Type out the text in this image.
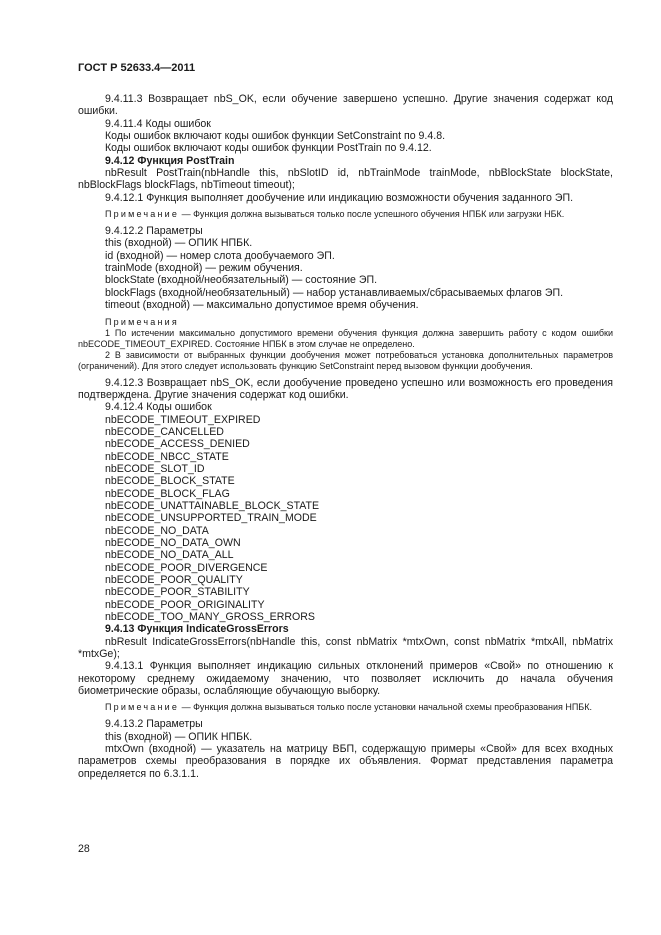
ГОСТ Р 52633.4—2011

9.4.11.3 Возвращает nbS_OK, если обучение завершено успешно. Другие значения содержат код ошибки.

9.4.11.4 Коды ошибок

Коды ошибок включают коды ошибок функции SetConstraint по 9.4.8.

Коды ошибок включают коды ошибок функции PostTrain по 9.4.12.

9.4.12 Функция PostTrain

nbResult PostTrain(nbHandle this, nbSlotID id, nbTrainMode trainMode, nbBlockState blockState, nbBlockFlags blockFlags, nbTimeout timeout);

9.4.12.1 Функция выполняет дообучение или индикацию возможности обучения заданного ЭП.

Примечание — Функция должна вызываться только после успешного обучения НПБК или загрузки НБК.

9.4.12.2 Параметры

this (входной) — ОПИК НПБК.

id (входной) — номер слота дообучаемого ЭП.

trainMode (входной) — режим обучения.

blockState (входной/необязательный) — состояние ЭП.

blockFlags (входной/необязательный) — набор устанавливаемых/сбрасываемых флагов ЭП.

timeout (входной) — максимально допустимое время обучения.

Примечания

1 По истечении максимально допустимого времени обучения функция должна завершить работу с кодом ошибки nbECODE_TIMEOUT_EXPIRED. Состояние НПБК в этом случае не определено.

2 В зависимости от выбранных функции дообучения может потребоваться установка дополнительных параметров (ограничений). Для этого следует использовать функцию SetConstraint перед вызовом функции дообучения.

9.4.12.3 Возвращает nbS_OK, если дообучение проведено успешно или возможность его проведения подтверждена. Другие значения содержат код ошибки.

9.4.12.4 Коды ошибок

nbECODE_TIMEOUT_EXPIRED

nbECODE_CANCELLED

nbECODE_ACCESS_DENIED

nbECODE_NBCC_STATE

nbECODE_SLOT_ID

nbECODE_BLOCK_STATE

nbECODE_BLOCK_FLAG

nbECODE_UNATTAINABLE_BLOCK_STATE

nbECODE_UNSUPPORTED_TRAIN_MODE

nbECODE_NO_DATA

nbECODE_NO_DATA_OWN

nbECODE_NO_DATA_ALL

nbECODE_POOR_DIVERGENCE

nbECODE_POOR_QUALITY

nbECODE_POOR_STABILITY

nbECODE_POOR_ORIGINALITY

nbECODE_TOO_MANY_GROSS_ERRORS

9.4.13 Функция IndicateGrossErrors

nbResult IndicateGrossErrors(nbHandle this, const nbMatrix *mtxOwn, const nbMatrix *mtxAll, nbMatrix *mtxGe);

9.4.13.1 Функция выполняет индикацию сильных отклонений примеров «Свой» по отношению к некоторому среднему ожидаемому значению, что позволяет исключить до начала обучения биометрические образы, ослабляющие обучающую выборку.

Примечание — Функция должна вызываться только после установки начальной схемы преобразования НПБК.

9.4.13.2 Параметры

this (входной) — ОПИК НПБК.

mtxOwn (входной) — указатель на матрицу ВБП, содержащую примеры «Свой» для всех входных параметров схемы преобразования в порядке их объявления. Формат представления параметра определяется по 6.3.1.1.

28
